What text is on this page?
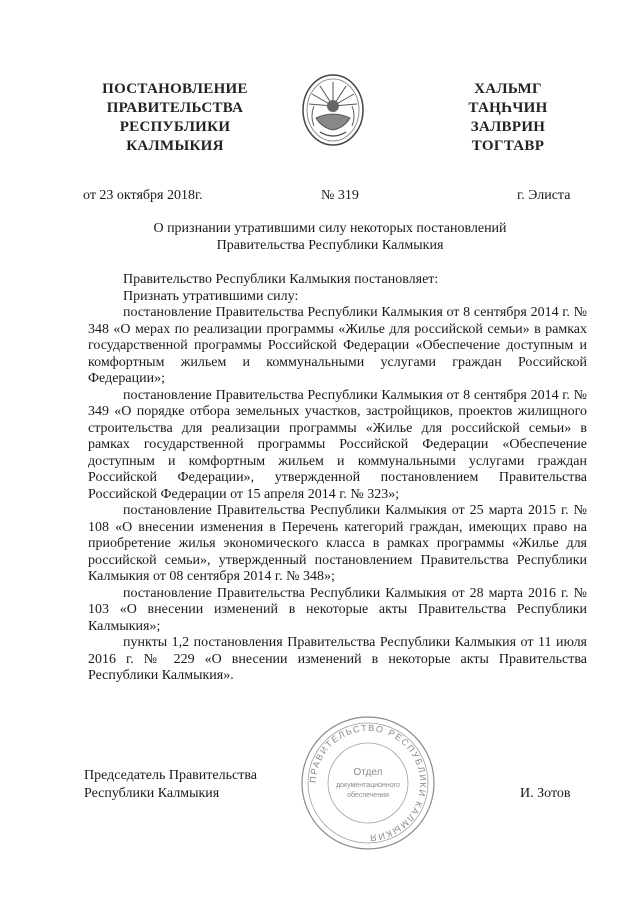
ПОСТАНОВЛЕНИЕ
ПРАВИТЕЛЬСТВА
РЕСПУБЛИКИ
КАЛМЫКИЯ
ХАЛЬМГ
ТАҢҺЧИН
ЗАЛВРИН
ТОГТАВР
от 23 октября 2018г.	№ 319	г. Элиста
О признании утратившими силу некоторых постановлений
Правительства Республики Калмыкия

Правительство Республики Калмыкия постановляет:

Признать утратившими силу:

постановление Правительства Республики Калмыкия от 8 сентября 2014 г. № 348 «О мерах по реализации программы «Жилье для российской семьи» в рамках государственной программы Российской Федерации «Обеспечение доступным и комфортным жильем и коммунальными услугами граждан Российской Федерации»;

постановление Правительства Республики Калмыкия от 8 сентября 2014 г. № 349 «О порядке отбора земельных участков, застройщиков, проектов жилищного строительства для реализации программы «Жилье для российской семьи» в рамках государственной программы Российской Федерации «Обеспечение доступным и комфортным жильем и коммунальными услугами граждан Российской Федерации», утвержденной постановлением Правительства Российской Федерации от 15 апреля 2014 г. № 323»;

постановление Правительства Республики Калмыкия от 25 марта 2015 г. № 108 «О внесении изменения в Перечень категорий граждан, имеющих право на приобретение жилья экономического класса в рамках программы «Жилье для российской семьи», утвержденный постановлением Правительства Республики Калмыкия от 08 сентября 2014 г. № 348»;

постановление Правительства Республики Калмыкия от 28 марта 2016 г. № 103 «О внесении изменений в некоторые акты Правительства Республики Калмыкия»;

пункты 1,2 постановления Правительства Республики Калмыкия от 11 июля 2016 г. № 229 «О внесении изменений в некоторые акты Правительства Республики Калмыкия».

ПРАВИТЕЛЬСТВО РЕСПУБЛИКИ КАЛМЫКИЯ
Отдел
документационного
обеспечения
Председатель Правительства
Республики Калмыкия	И. Зотов
